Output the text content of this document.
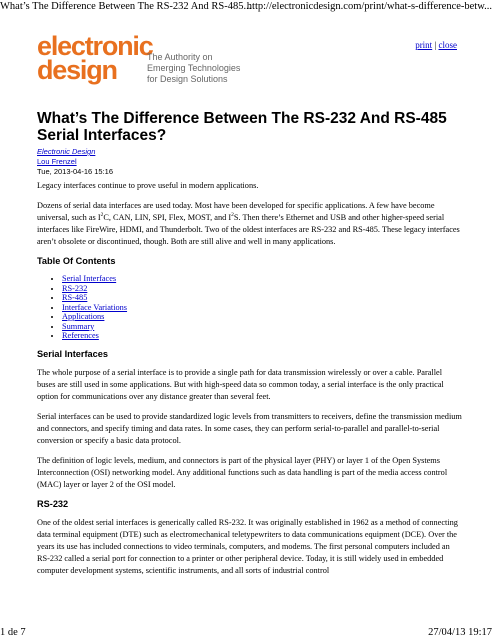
What’s The Difference Between The RS-232 And RS-485...
http://electronicdesign.com/print/what-s-difference-betw...
electronic
design	The Authority on
Emerging Technologies
for Design Solutions
print | close
What’s The Difference Between The RS-232 And RS-485 Serial Interfaces?
Electronic Design
Lou Frenzel
Tue, 2013-04-16 15:16

Legacy interfaces continue to prove useful in modern applications.

Dozens of serial data interfaces are used today. Most have been developed for specific applications. A few have become universal, such as $I^2C$, CAN, LIN, SPI, Flex, MOST, and $I^2S$. Then there’s Ethernet and USB and other higher-speed serial interfaces like FireWire, HDMI, and Thunderbolt. Two of the oldest interfaces are RS-232 and RS-485. These legacy interfaces aren’t obsolete or discontinued, though. Both are still alive and well in many applications.

Table Of Contents
• Serial Interfaces
• RS-232
• RS-485
• Interface Variations
• Applications
• Summary
• References
Serial Interfaces

The whole purpose of a serial interface is to provide a single path for data transmission wirelessly or over a cable. Parallel buses are still used in some applications. But with high-speed data so common today, a serial interface is the only practical option for communications over any distance greater than several feet.

Serial interfaces can be used to provide standardized logic levels from transmitters to receivers, define the transmission medium and connectors, and specify timing and data rates. In some cases, they can perform serial-to-parallel and parallel-to-serial conversion or specify a basic data protocol.

The definition of logic levels, medium, and connectors is part of the physical layer (PHY) or layer 1 of the Open Systems Interconnection (OSI) networking model. Any additional functions such as data handling is part of the media access control (MAC) layer or layer 2 of the OSI model.

RS-232

One of the oldest serial interfaces is generically called RS-232. It was originally established in 1962 as a method of connecting data terminal equipment (DTE) such as electromechanical teletypewriters to data communications equipment (DCE). Over the years its use has included connections to video terminals, computers, and modems. The first personal computers included an RS-232 called a serial port for connection to a printer or other peripheral device. Today, it is still widely used in embedded computer development systems, scientific instruments, and all sorts of industrial control

1 de 7	27/04/13 19:17
